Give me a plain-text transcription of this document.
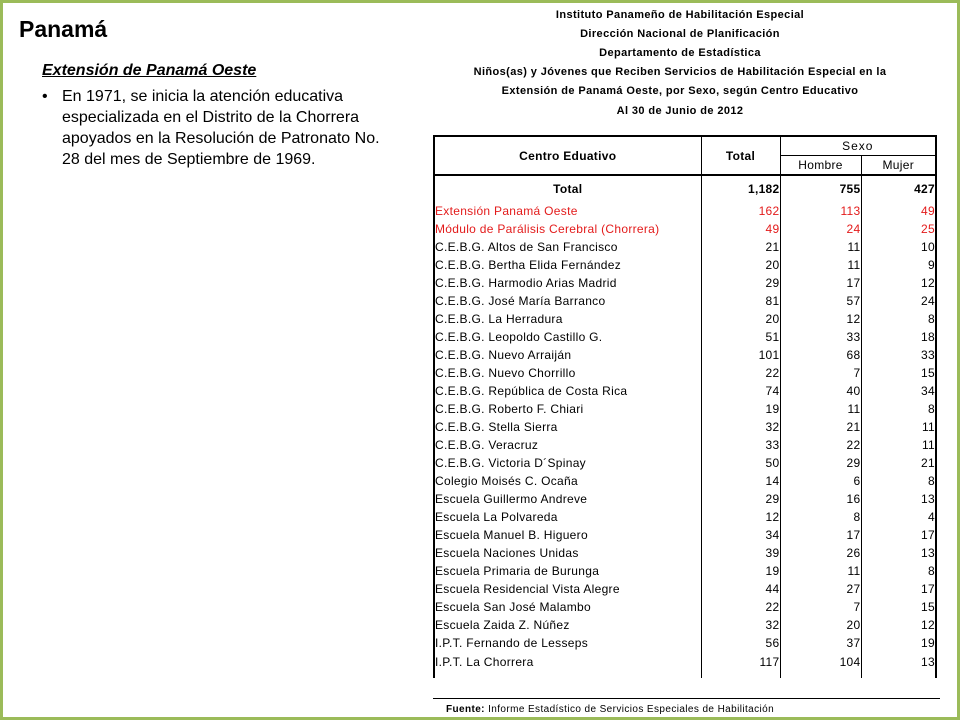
Panamá
Extensión de Panamá Oeste
• En 1971, se inicia la atención educativa especializada en el Distrito de la Chorrera apoyados en la Resolución de Patronato No. 28 del mes de Septiembre de 1969.
Instituto Panameño de Habilitación Especial
Dirección Nacional de Planificación
Departamento de Estadística
Niños(as) y Jóvenes que Reciben Servicios de Habilitación Especial en la
Extensión de Panamá Oeste, por Sexo, según Centro Educativo
Al 30 de Junio de 2012
Centro Eduativo	Total	Sexo	
		Hombre	Mujer
Total	1,182	755	427
Extensión Panamá Oeste	162	113	49
Módulo de Parálisis Cerebral (Chorrera)	49	24	25
C.E.B.G. Altos de San Francisco	21	11	10
C.E.B.G. Bertha Elida Fernández	20	11	9
C.E.B.G. Harmodio Arias Madrid	29	17	12
C.E.B.G. José María Barranco	81	57	24
C.E.B.G. La Herradura	20	12	8
C.E.B.G. Leopoldo Castillo G.	51	33	18
C.E.B.G. Nuevo Arraiján	101	68	33
C.E.B.G. Nuevo Chorrillo	22	7	15
C.E.B.G. República de Costa Rica	74	40	34
C.E.B.G. Roberto F. Chiari	19	11	8
C.E.B.G. Stella Sierra	32	21	11
C.E.B.G. Veracruz	33	22	11
C.E.B.G. Victoria D´Spinay	50	29	21
Colegio Moisés C. Ocaña	14	6	8
Escuela Guillermo Andreve	29	16	13
Escuela La Polvareda	12	8	4
Escuela Manuel B. Higuero	34	17	17
Escuela Naciones Unidas	39	26	13
Escuela Primaria de Burunga	19	11	8
Escuela Residencial Vista Alegre	44	27	17
Escuela San José Malambo	22	7	15
Escuela Zaida Z. Núñez	32	20	12
I.P.T. Fernando de Lesseps	56	37	19
I.P.T. La Chorrera	117	104	13

Fuente: Informe Estadístico de Servicios Especiales de Habilitación
